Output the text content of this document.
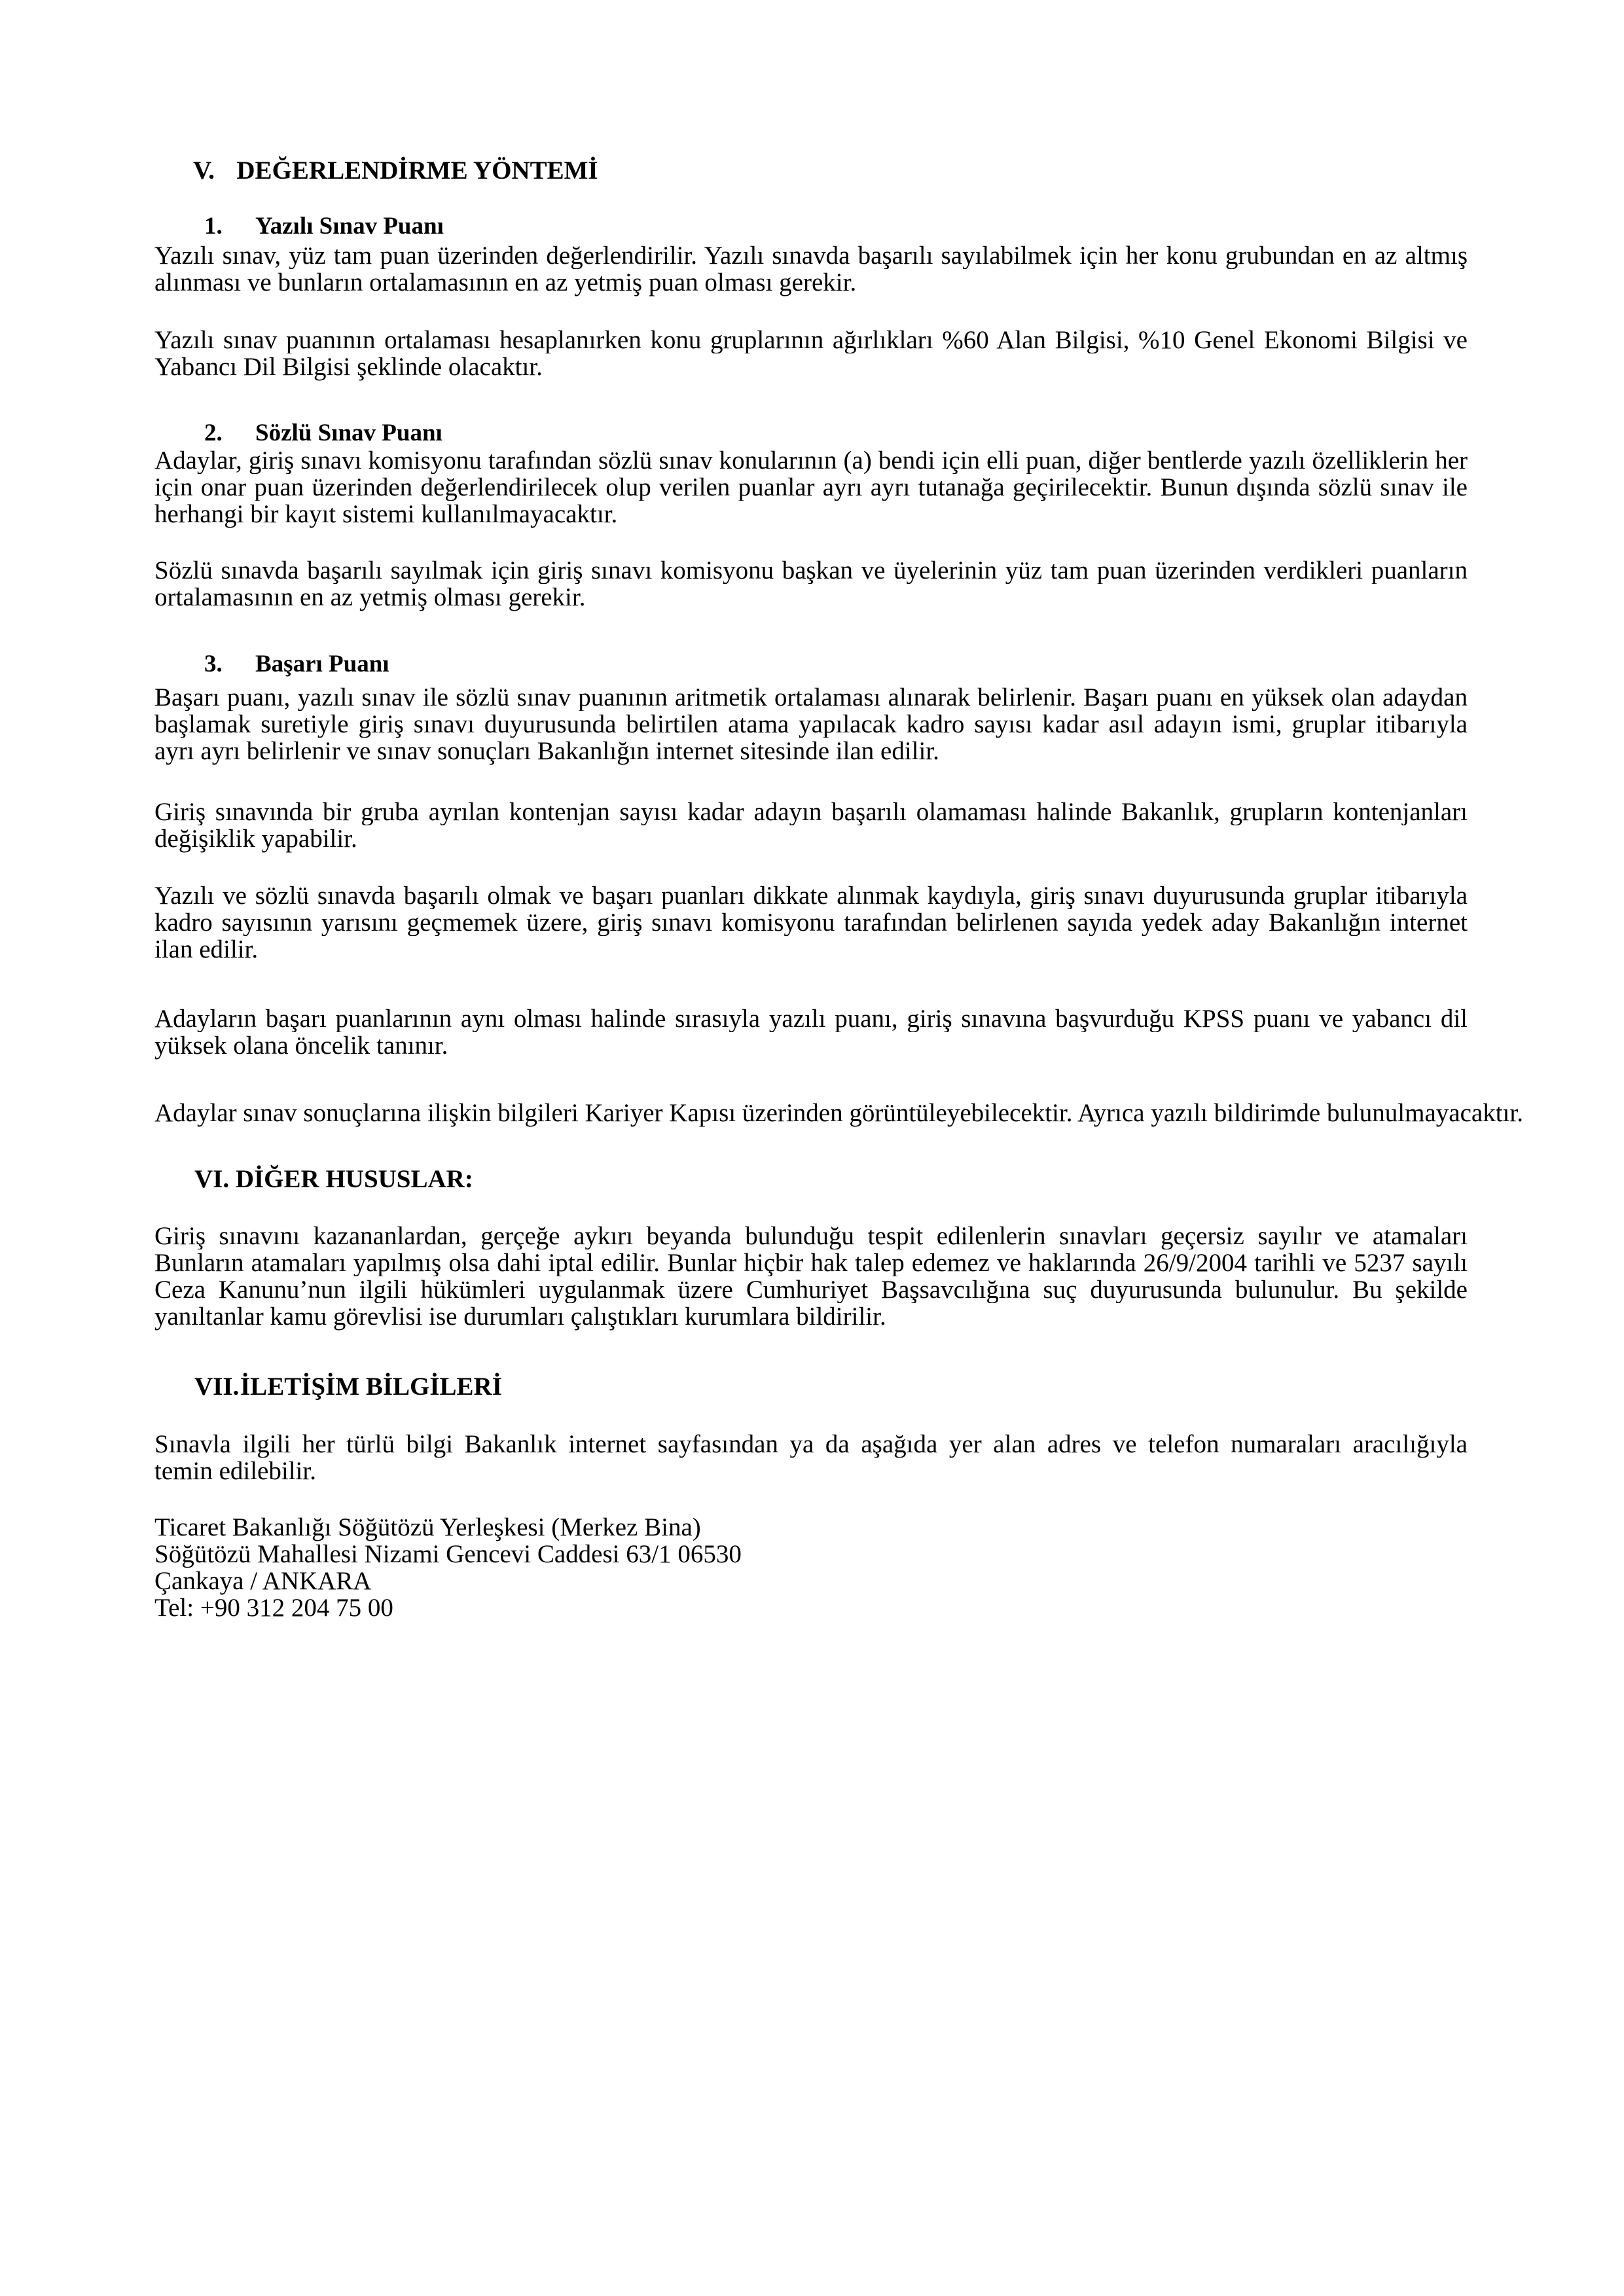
V. DEĞERLENDİRME YÖNTEMİ
1. Yazılı Sınav Puanı
2. Sözlü Sınav Puanı
3. Başarı Puanı
VI. DİĞER HUSUSLAR:
VII. İLETİŞİM BİLGİLERİ
Yazılı sınav, yüz tam puan üzerinden değerlendirilir. Yazılı sınavda başarılı sayılabilmek için her konu grubundan en az altmış
alınması ve bunların ortalamasının en az yetmiş puan olması gerekir.
Yazılı sınav puanının ortalaması hesaplanırken konu gruplarının ağırlıkları %60 Alan Bilgisi, %10 Genel Ekonomi Bilgisi ve
Yabancı Dil Bilgisi şeklinde olacaktır.
Adaylar, giriş sınavı komisyonu tarafından sözlü sınav konularının (a) bendi için elli puan, diğer bentlerde yazılı özelliklerin her
için onar puan üzerinden değerlendirilecek olup verilen puanlar ayrı ayrı tutanağa geçirilecektir. Bunun dışında sözlü sınav ile
herhangi bir kayıt sistemi kullanılmayacaktır.
Sözlü sınavda başarılı sayılmak için giriş sınavı komisyonu başkan ve üyelerinin yüz tam puan üzerinden verdikleri puanların
ortalamasının en az yetmiş olması gerekir.
Başarı puanı, yazılı sınav ile sözlü sınav puanının aritmetik ortalaması alınarak belirlenir. Başarı puanı en yüksek olan adaydan
başlamak suretiyle giriş sınavı duyurusunda belirtilen atama yapılacak kadro sayısı kadar asıl adayın ismi, gruplar itibarıyla
ayrı ayrı belirlenir ve sınav sonuçları Bakanlığın internet sitesinde ilan edilir.
Giriş sınavında bir gruba ayrılan kontenjan sayısı kadar adayın başarılı olamaması halinde Bakanlık, grupların kontenjanları
değişiklik yapabilir.
Yazılı ve sözlü sınavda başarılı olmak ve başarı puanları dikkate alınmak kaydıyla, giriş sınavı duyurusunda gruplar itibarıyla
kadro sayısının yarısını geçmemek üzere, giriş sınavı komisyonu tarafından belirlenen sayıda yedek aday Bakanlığın internet
ilan edilir.
Adayların başarı puanlarının aynı olması halinde sırasıyla yazılı puanı, giriş sınavına başvurduğu KPSS puanı ve yabancı dil
yüksek olana öncelik tanınır.
Adaylar sınav sonuçlarına ilişkin bilgileri Kariyer Kapısı üzerinden görüntüleyebilecektir. Ayrıca yazılı bildirimde bulunulmayacaktır.
Giriş sınavını kazananlardan, gerçeğe aykırı beyanda bulunduğu tespit edilenlerin sınavları geçersiz sayılır ve atamaları
Bunların atamaları yapılmış olsa dahi iptal edilir. Bunlar hiçbir hak talep edemez ve haklarında 26/9/2004 tarihli ve 5237 sayılı
Ceza Kanunu’nun ilgili hükümleri uygulanmak üzere Cumhuriyet Başsavcılığına suç duyurusunda bulunulur. Bu şekilde
yanıltanlar kamu görevlisi ise durumları çalıştıkları kurumlara bildirilir.
Sınavla ilgili her türlü bilgi Bakanlık internet sayfasından ya da aşağıda yer alan adres ve telefon numaraları aracılığıyla
temin edilebilir.
Ticaret Bakanlığı Söğütözü Yerleşkesi (Merkez Bina)
Söğütözü Mahallesi Nizami Gencevi Caddesi 63/1 06530
Çankaya / ANKARA
Tel: +90 312 204 75 00
